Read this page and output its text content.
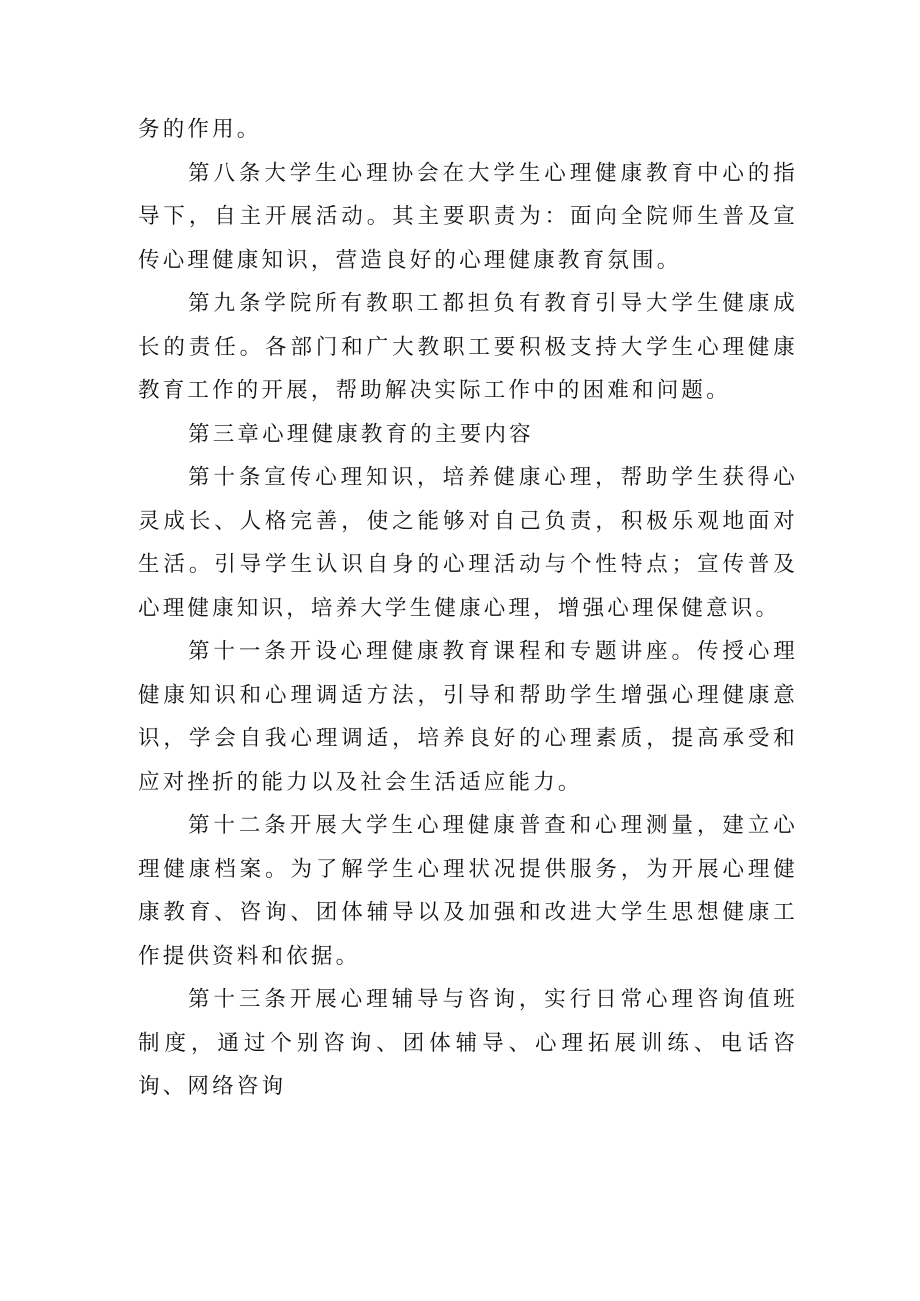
务的作用。

第八条大学生心理协会在大学生心理健康教育中心的指导下，自主开展活动。其主要职责为：面向全院师生普及宣传心理健康知识，营造良好的心理健康教育氛围。

第九条学院所有教职工都担负有教育引导大学生健康成长的责任。各部门和广大教职工要积极支持大学生心理健康教育工作的开展，帮助解决实际工作中的困难和问题。

第三章心理健康教育的主要内容

第十条宣传心理知识，培养健康心理，帮助学生获得心灵成长、人格完善，使之能够对自己负责，积极乐观地面对生活。引导学生认识自身的心理活动与个性特点；宣传普及心理健康知识，培养大学生健康心理，增强心理保健意识。

第十一条开设心理健康教育课程和专题讲座。传授心理健康知识和心理调适方法，引导和帮助学生增强心理健康意识，学会自我心理调适，培养良好的心理素质，提高承受和应对挫折的能力以及社会生活适应能力。

第十二条开展大学生心理健康普查和心理测量，建立心理健康档案。为了解学生心理状况提供服务，为开展心理健康教育、咨询、团体辅导以及加强和改进大学生思想健康工作提供资料和依据。

第十三条开展心理辅导与咨询，实行日常心理咨询值班制度，通过个别咨询、团体辅导、心理拓展训练、电话咨询、网络咨询
